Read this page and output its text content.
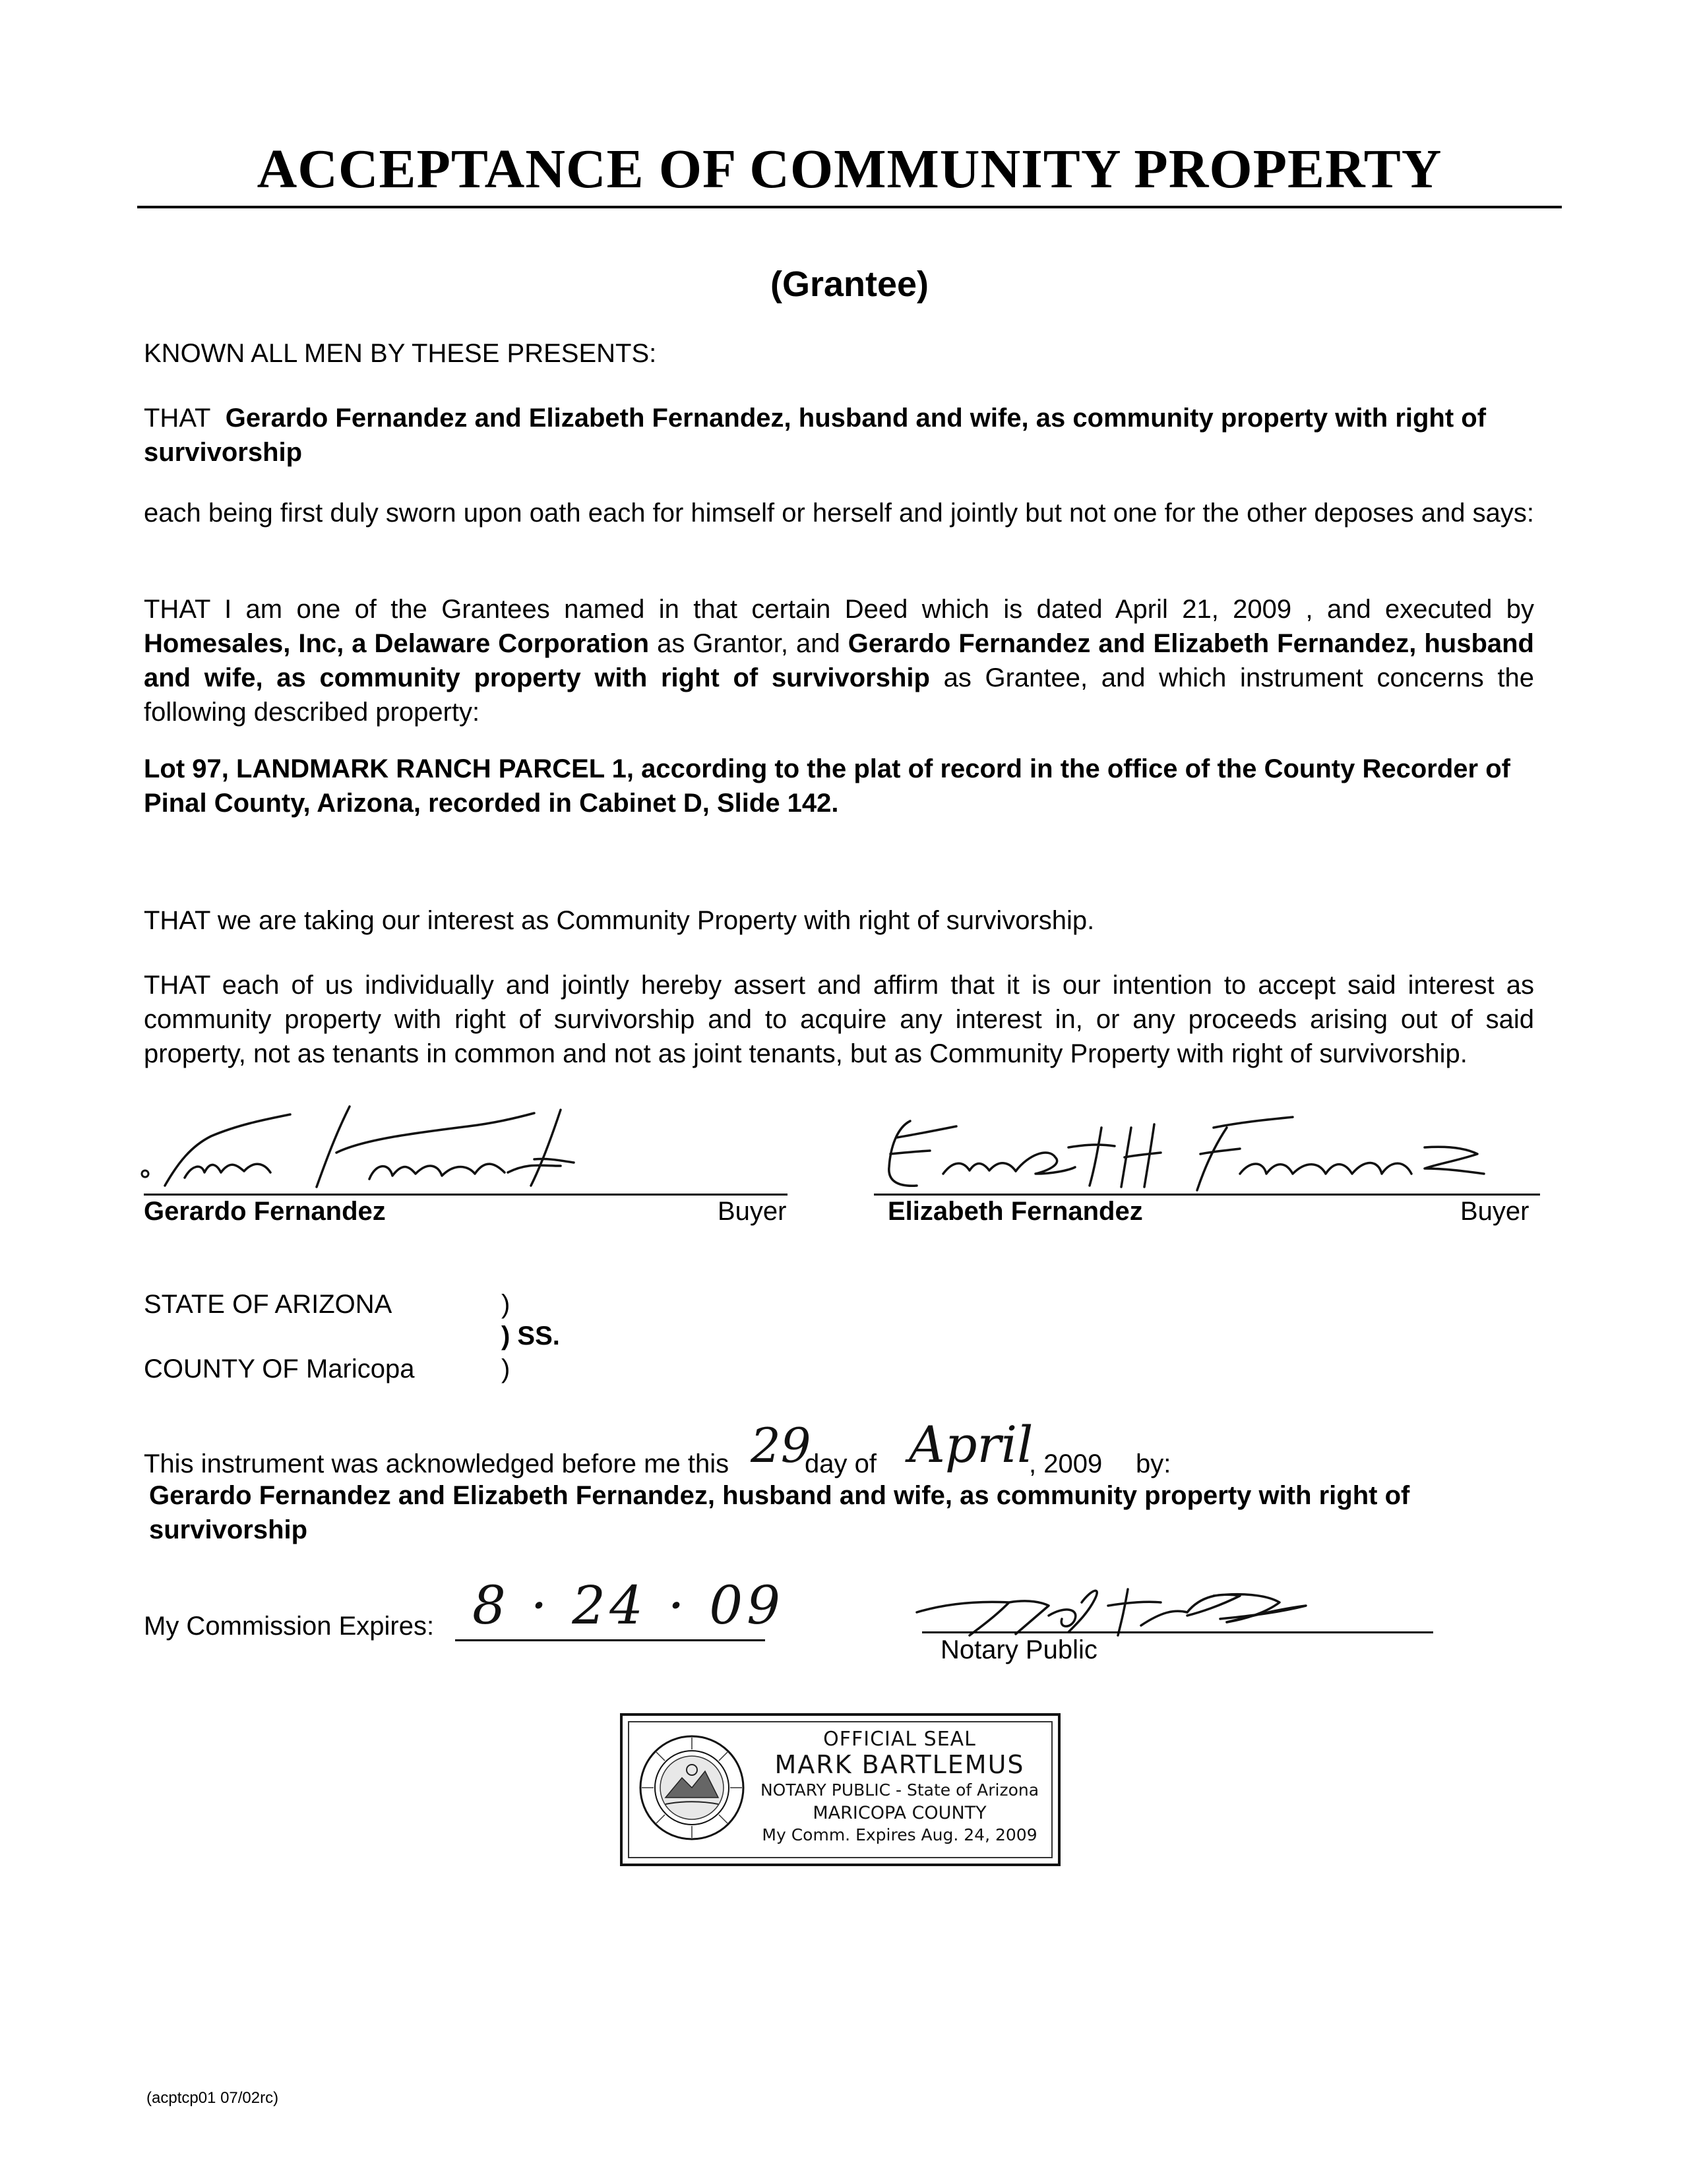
ACCEPTANCE OF COMMUNITY PROPERTY
(Grantee)
KNOWN ALL MEN BY THESE PRESENTS:
THAT Gerardo Fernandez and Elizabeth Fernandez, husband and wife, as community property with right of survivorship
each being first duly sworn upon oath each for himself or herself and jointly but not one for the other deposes and says:
THAT I am one of the Grantees named in that certain Deed which is dated April 21, 2009 , and executed by Homesales, Inc, a Delaware Corporation as Grantor, and Gerardo Fernandez and Elizabeth Fernandez, husband and wife, as community property with right of survivorship as Grantee, and which instrument concerns the following described property:
Lot 97, LANDMARK RANCH PARCEL 1, according to the plat of record in the office of the County Recorder of Pinal County, Arizona, recorded in Cabinet D, Slide 142.
THAT we are taking our interest as Community Property with right of survivorship.
THAT each of us individually and jointly hereby assert and affirm that it is our intention to accept said interest as community property with right of survivorship and to acquire any interest in, or any proceeds arising out of said property, not as tenants in common and not as joint tenants, but as Community Property with right of survivorship.
Gerardo Fernandez	Buyer	Elizabeth Fernandez	Buyer
STATE OF ARIZONA
COUNTY OF Maricopa
)
) SS.
)
This instrument was acknowledged before me this 29
day of April
, 2009 by:
Gerardo Fernandez and Elizabeth Fernandez, husband and wife, as community property with right of survivorship
My Commission Expires: 8 · 24 · 09
Notary Public
OFFICIAL SEAL
MARK BARTLEMUS
NOTARY PUBLIC - State of Arizona
MARICOPA COUNTY
My Comm. Expires Aug. 24, 2009
(acptcp01 07/02rc)
